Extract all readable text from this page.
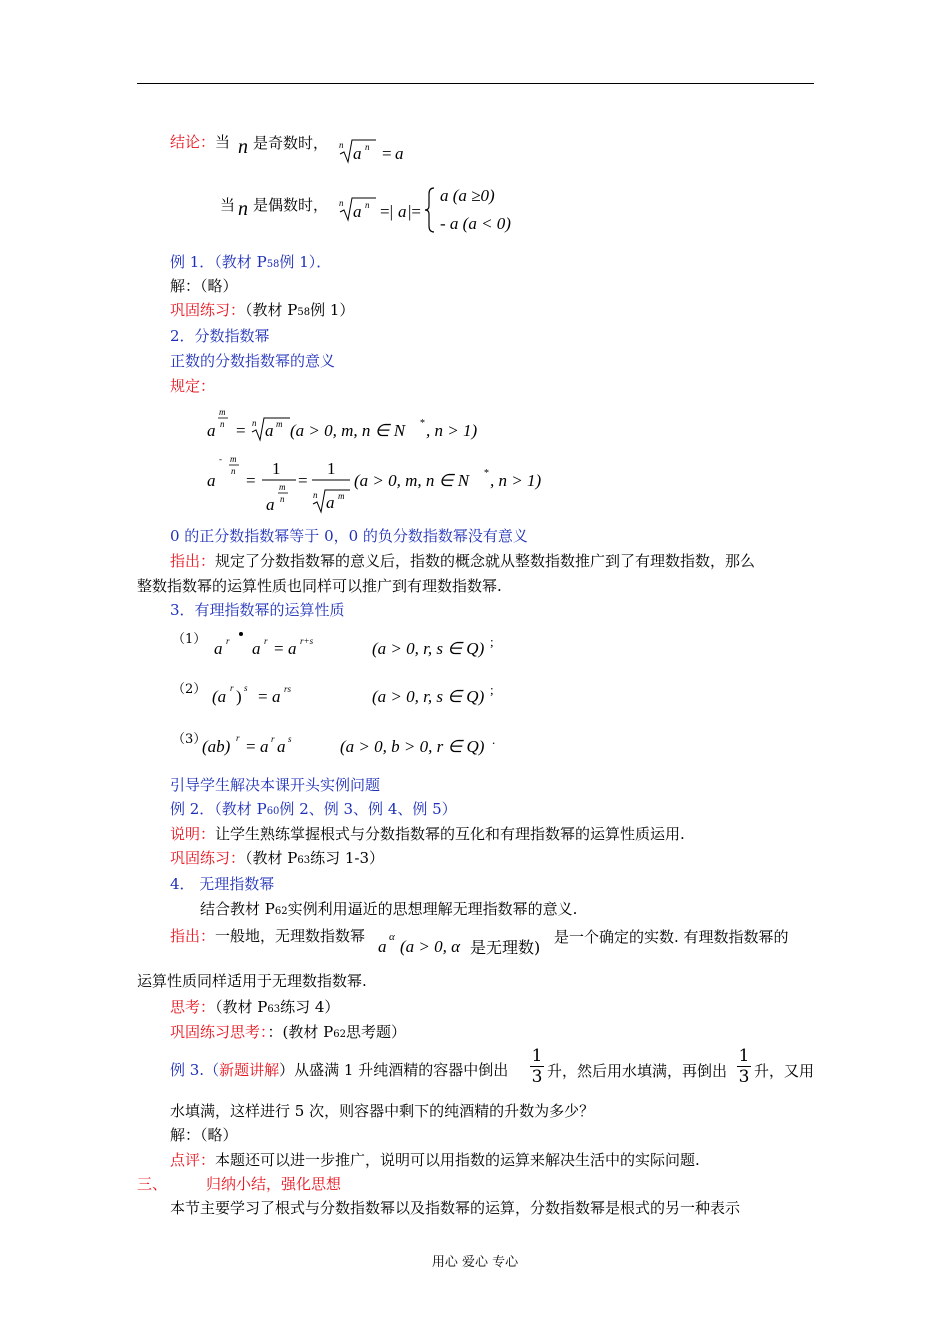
结论：当 n 是奇数时， n a n = a
当 n 是偶数时， n a n =| a |=
a (a ≥0)
- a (a < 0)
例 1．（教材 P58例 1）．
解：（略）
巩固练习：（教材 P58例 1）
2．分数指数幂
正数的分数指数幂的意义
规定：
a
m
n = n a m (a > 0, m, n ∈ N * , n > 1)
a
- m
n =
1
a
m
n
=
1
n a m
(a > 0, m, n ∈ N * , n > 1)
0 的正分数指数幂等于 0，0 的负分数指数幂没有意义
指出：规定了分数指数幂的意义后，指数的概念就从整数指数推广到了有理数指数，那么
整数指数幂的运算性质也同样可以推广到有理数指数幂.
3．有理指数幂的运算性质
（1） a r a r = a r+s	(a > 0, r, s ∈ Q) ;
（2） (a r ) s = a rs	(a > 0, r, s ∈ Q) ;
（3）
(ab) r = a r a s	(a > 0, b > 0, r ∈ Q) .
引导学生解决本课开头实例问题
例 2．（教材 P60例 2、例 3、例 4、例 5）
说明：让学生熟练掌握根式与分数指数幂的互化和有理指数幂的运算性质运用.
巩固练习：（教材 P63练习 1-3）
4． 无理指数幂
结合教材 P62实例利用逼近的思想理解无理指数幂的意义.
指出：一般地，无理数指数幂
a α (a > 0, α 是无理数)
是一个确定的实数. 有理数指数幂的
运算性质同样适用于无理数指数幂.
思考：（教材 P63练习 4）
巩固练习思考：：(教材 P62思考题）
例 3.（新题讲解）从盛满 1 升纯酒精的容器中倒出
1
3 升，然后用水填满，再倒出
1
3 升，又用
水填满，这样进行 5 次，则容器中剩下的纯酒精的升数为多少？
解：（略）
点评：本题还可以进一步推广，说明可以用指数的运算来解决生活中的实际问题.
三、	归纳小结，强化思想
本节主要学习了根式与分数指数幂以及指数幂的运算，分数指数幂是根式的另一种表示
用心 爱心 专心
